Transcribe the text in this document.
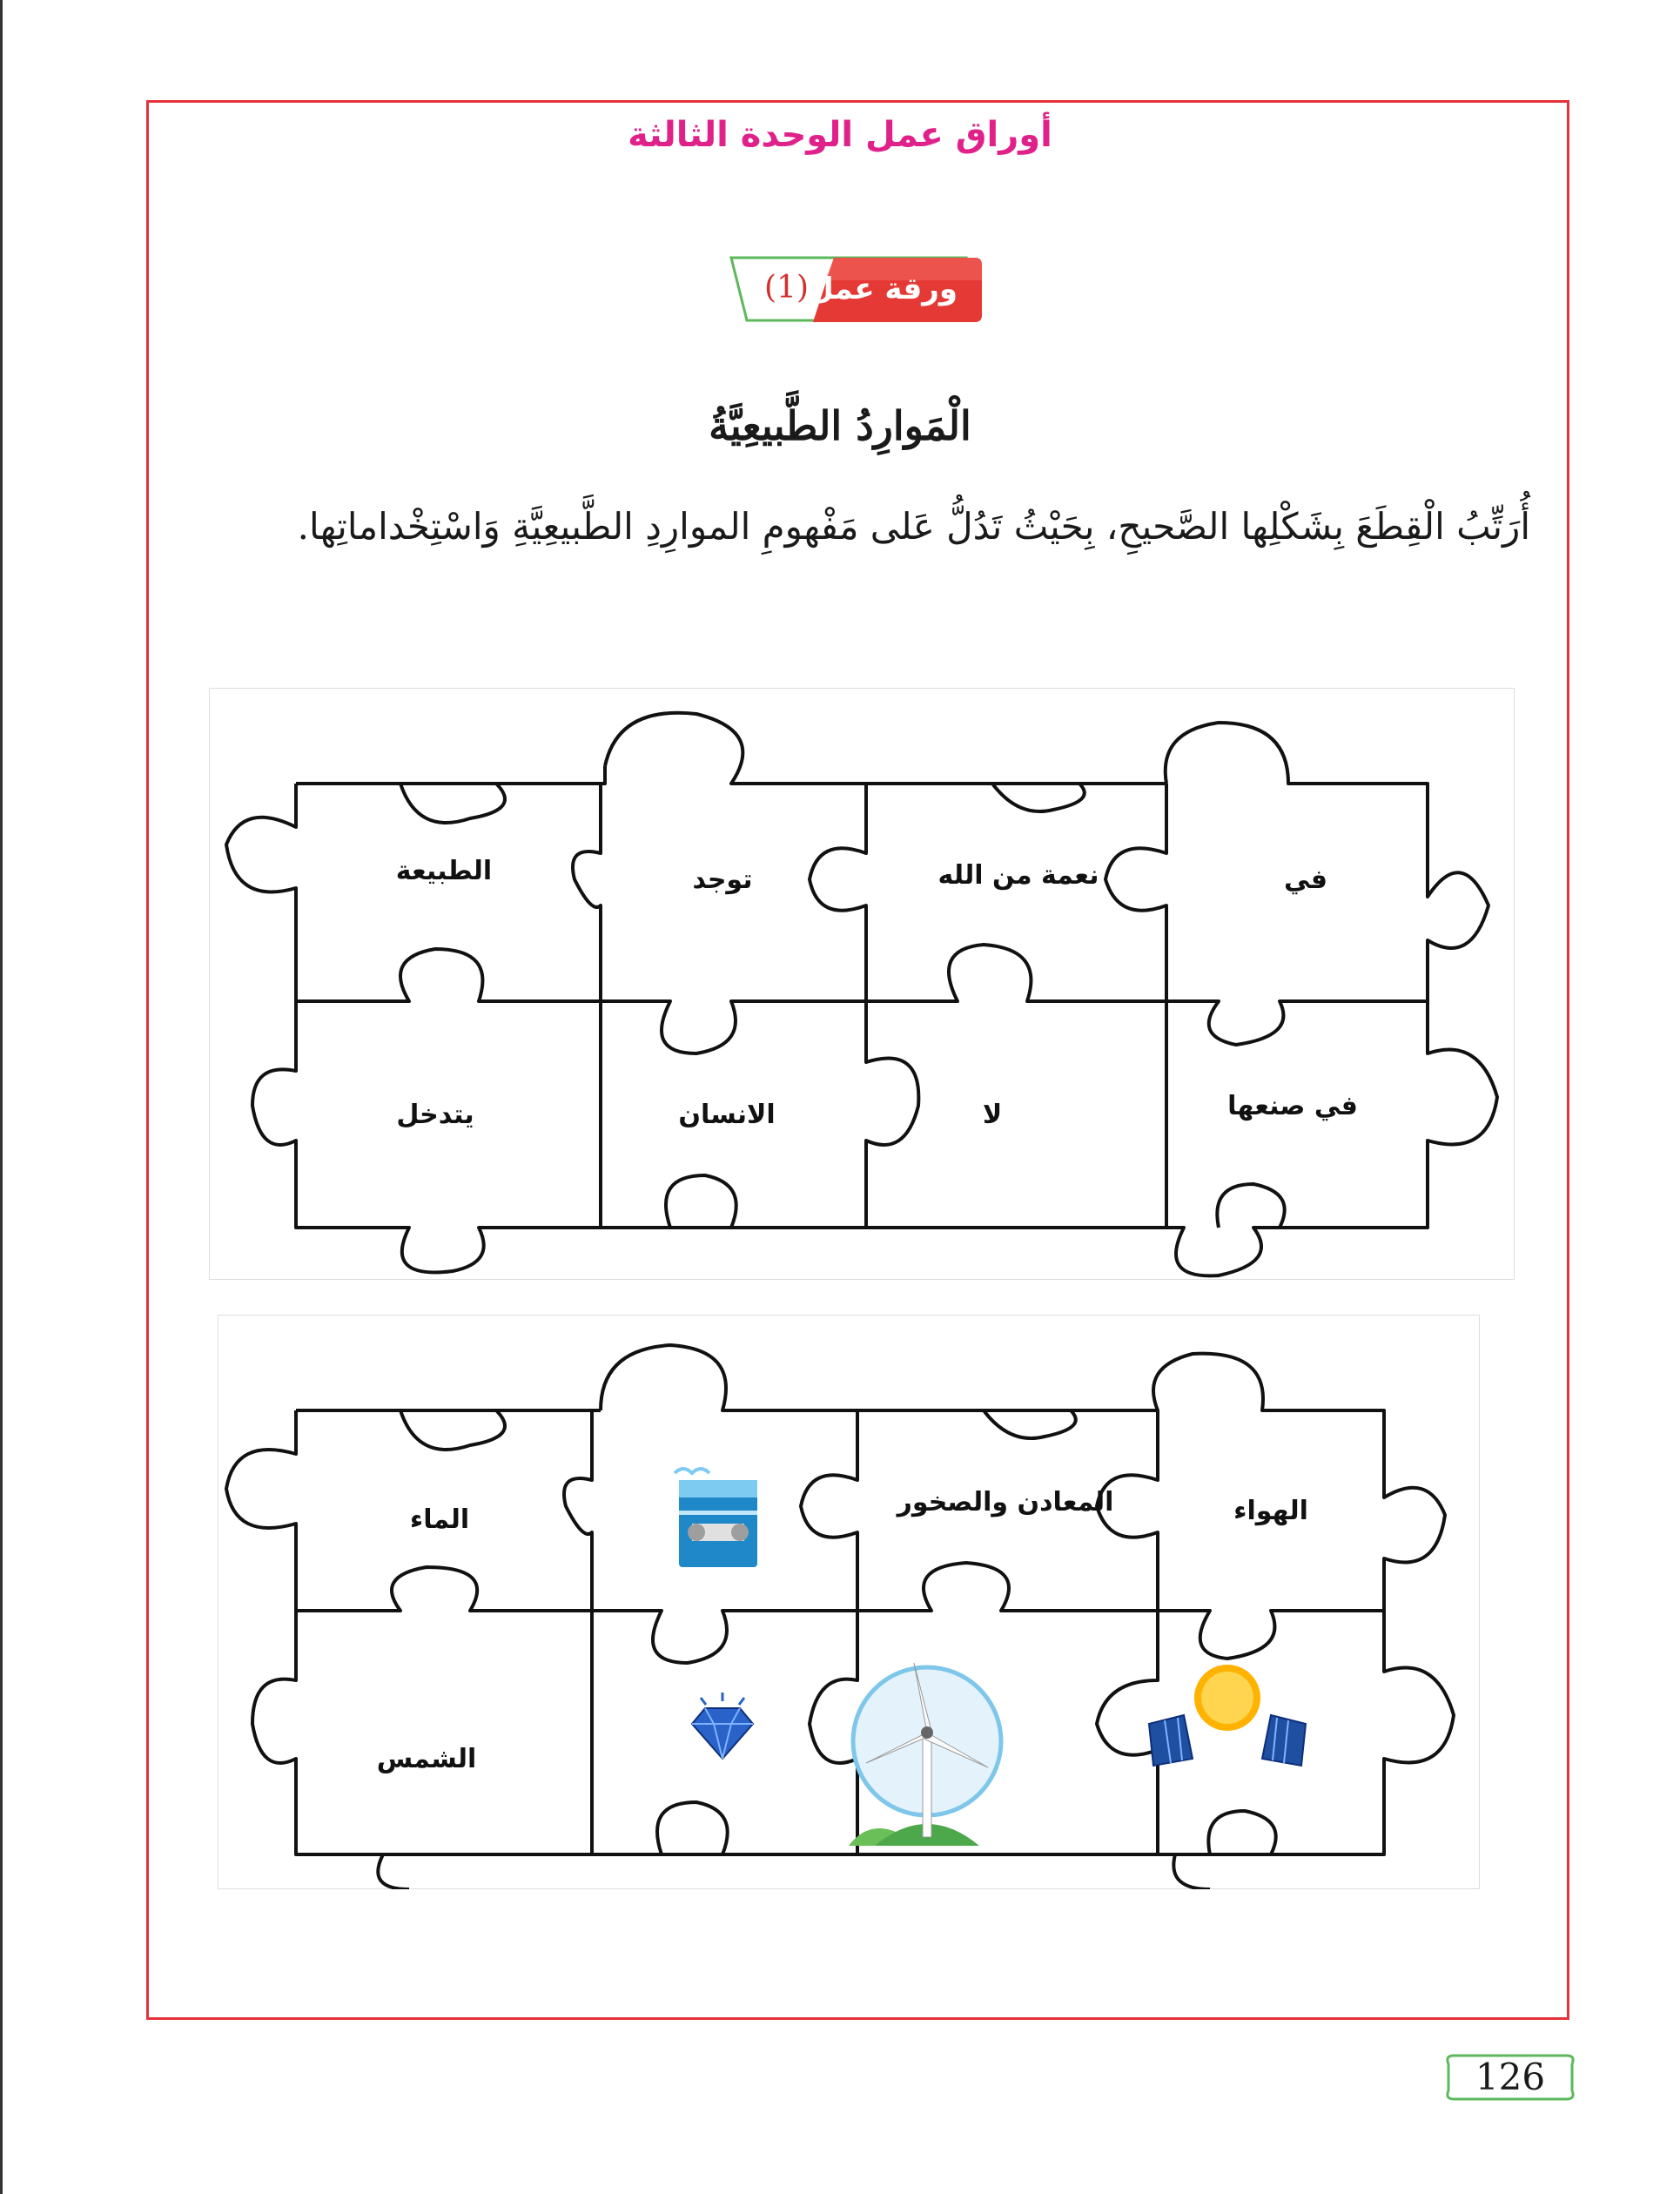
أوراق عمل الوحدة الثالثة
ورقة عمل
(1)
الْمَوارِدُ الطَّبيعِيَّةُ
أُرَتِّبُ الْقِطَعَ بِشَكْلِها الصَّحيحِ، بِحَيْثُ تَدُلُّ عَلى مَفْهومِ الموارِدِ الطَّبيعِيَّةِ وَاسْتِخْداماتِها.
الطبيعة	توجد	نعمة من الله	في
يتدخل	الانسان	لا	في صنعها
الماء
المعادن والصخور	الهواء
الشمس
126
